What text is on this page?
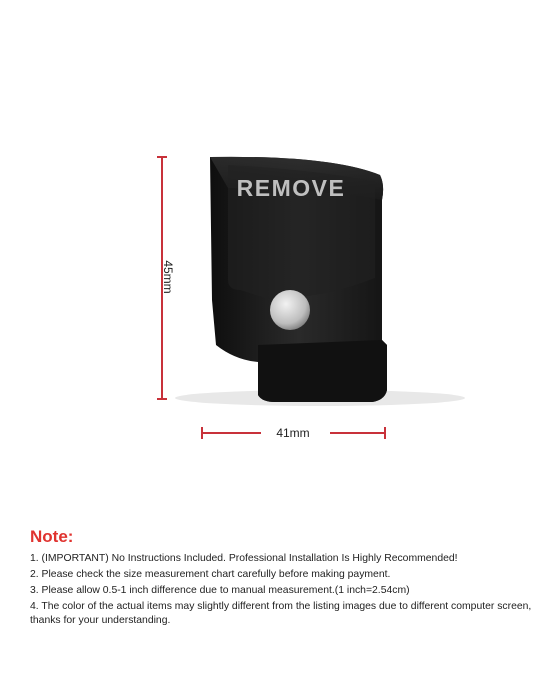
45mm
REMOVE
41mm
Note:
1. (IMPORTANT) No Instructions Included. Professional Installation Is Highly Recommended!
2. Please check the size measurement chart carefully before making payment.
3. Please allow 0.5-1 inch difference due to manual measurement.(1 inch=2.54cm)
4. The color of the actual items may slightly different from the listing images due to different computer screen, thanks for your understanding.
